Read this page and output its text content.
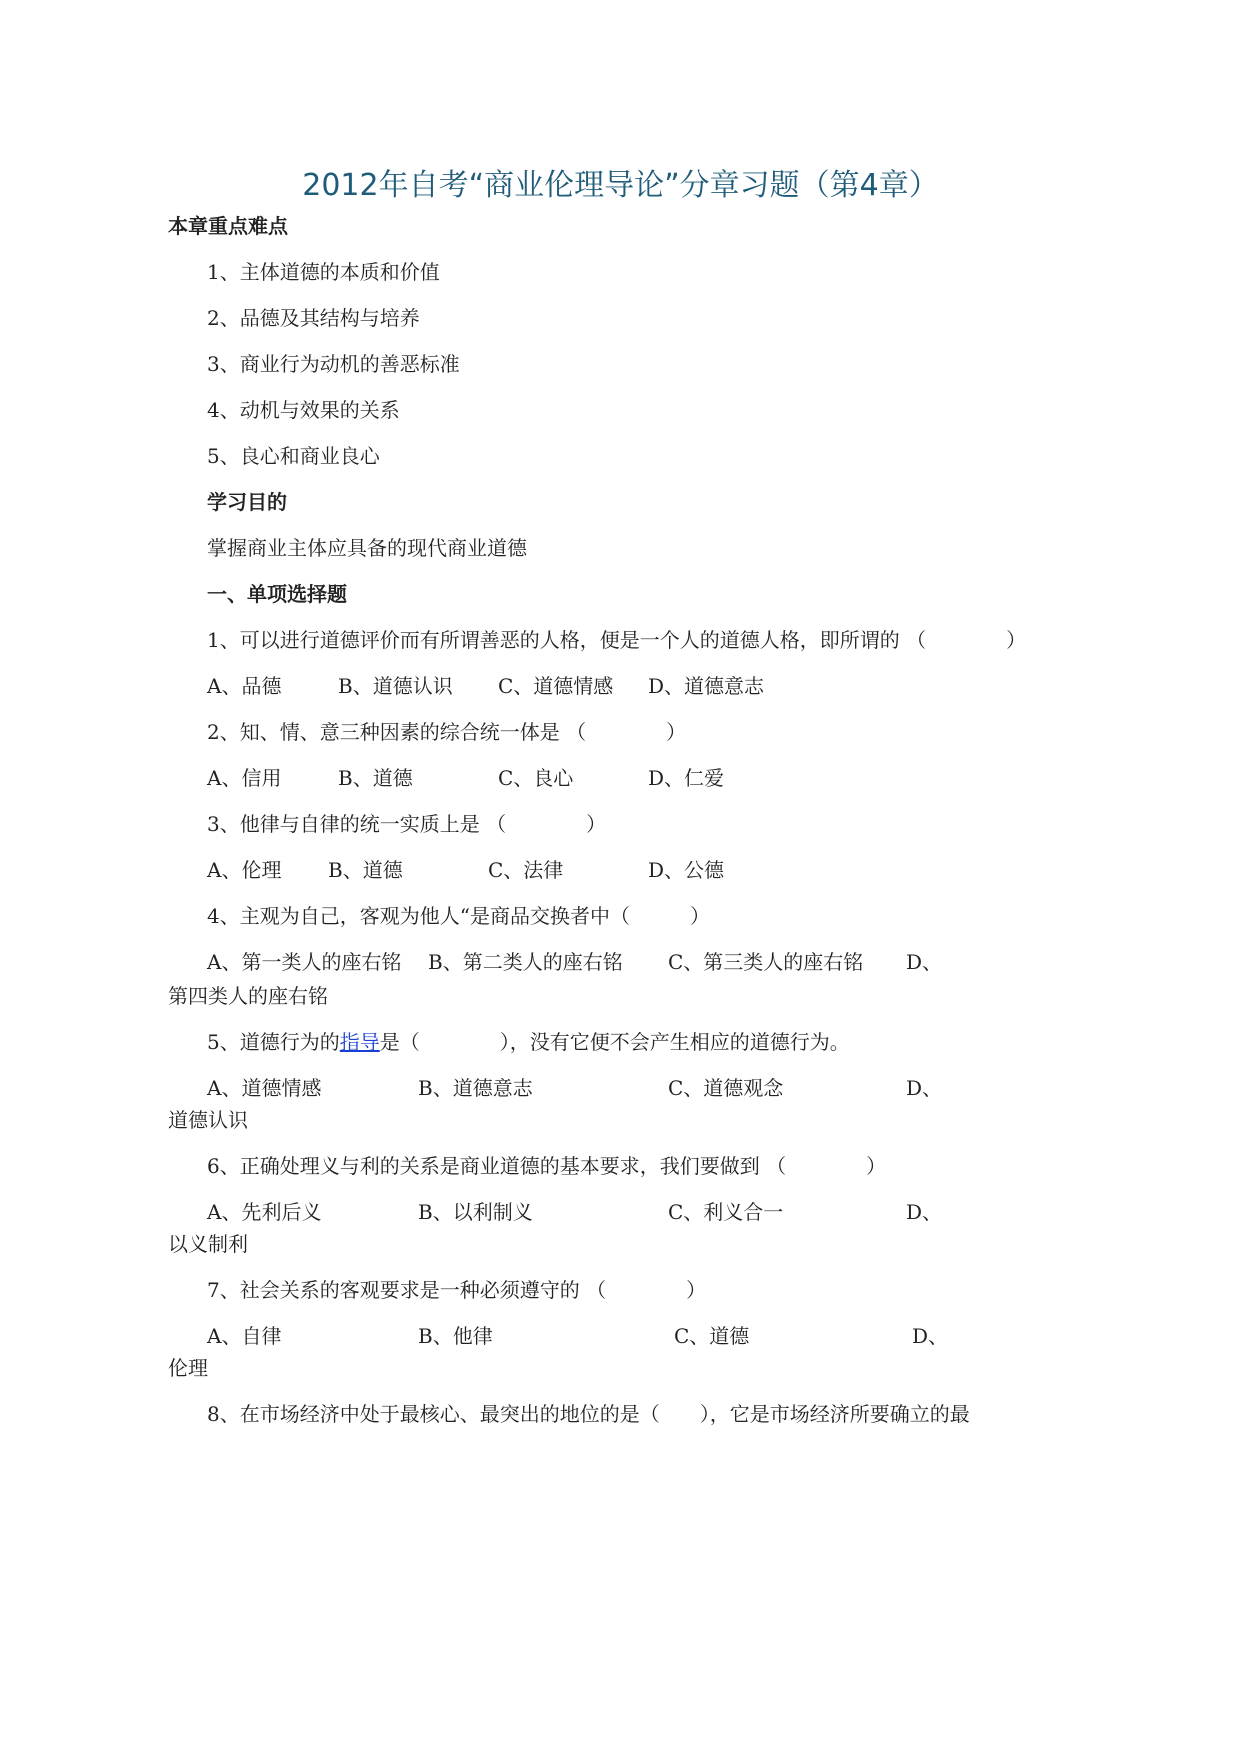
2012年自考“商业伦理导论”分章习题（第4章）
本章重点难点
1、主体道德的本质和价值
2、品德及其结构与培养
3、商业行为动机的善恶标准
4、动机与效果的关系
5、良心和商业良心
学习目的
掌握商业主体应具备的现代商业道德
一、单项选择题
1、可以进行道德评价而有所谓善恶的人格，便是一个人的道德人格，即所谓的 （　　　　）
A、品德	B、道德认识 C、道德情感 D、道德意志
2、知、情、意三种因素的综合统一体是 （　　　　）
A、信用	B、道德	C、良心	D、仁爱
3、他律与自律的统一实质上是 （　　　　）
A、伦理 B、道德	C、法律	D、公德
4、主观为自己，客观为他人“是商品交换者中（　　　）
A、第一类人的座右铭 B、第二类人的座右铭 C、第三类人的座右铭 D、
第四类人的座右铭
5、道德行为的指导是（　　　　），没有它便不会产生相应的道德行为。
A、道德情感	B、道德意志	C、道德观念	D、
道德认识
6、正确处理义与利的关系是商业道德的基本要求，我们要做到 （　　　　）
A、先利后义	B、以利制义	C、利义合一	D、
以义制利
7、社会关系的客观要求是一种必须遵守的 （　　　　）
A、自律	B、他律	C、道德	D、
伦理
8、在市场经济中处于最核心、最突出的地位的是（　　），它是市场经济所要确立的最
